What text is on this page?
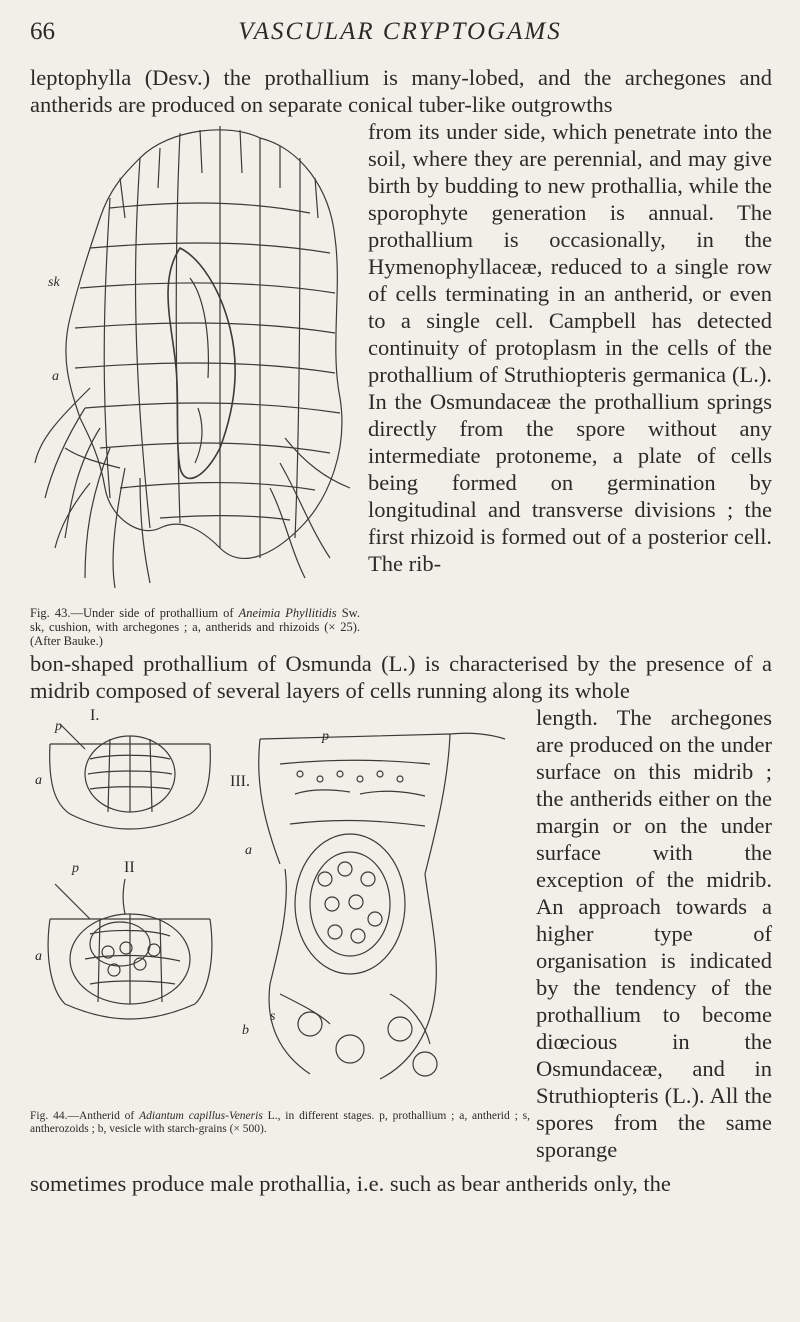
66	VASCULAR CRYPTOGAMS
leptophylla (Desv.) the prothallium is many-lobed, and the archegones and antherids are produced on separate conical tuber-like outgrowths
sk
a
from its under side, which penetrate into the soil, where they are perennial, and may give birth by budding to new prothallia, while the sporophyte generation is annual. The prothallium is occasionally, in the Hymenophyllaceæ, reduced to a single row of cells terminating in an antherid, or even to a single cell. Campbell has detected continuity of protoplasm in the cells of the prothallium of Struthiopteris germanica (L.). In the Osmundaceæ the prothallium springs directly from the spore without any intermediate protoneme, a plate of cells being formed on germination by longitudinal and transverse divisions ; the first rhizoid is formed out of a posterior cell. The rib-
Fig. 43.—Under side of prothallium of Aneimia Phyllitidis Sw. sk, cushion, with archegones ; a, antherids and rhizoids (× 25). (After Bauke.)
bon-shaped prothallium of Osmunda (L.) is characterised by the presence of a midrib composed of several layers of cells running along its whole
I.
p
a
II
p
a
III.
p
a
s
b
length. The archegones are produced on the under surface on this midrib ; the antherids either on the margin or on the under surface with the exception of the midrib. An approach towards a higher type of organisation is indicated by the tendency of the prothallium to become diœcious in the Osmundaceæ, and in Struthiopteris (L.). All the spores from the same sporange
Fig. 44.—Antherid of Adiantum capillus-Veneris L., in different stages. p, prothallium ; a, antherid ; s, antherozoids ; b, vesicle with starch-grains (× 500).
sometimes produce male prothallia, i.e. such as bear antherids only, the
